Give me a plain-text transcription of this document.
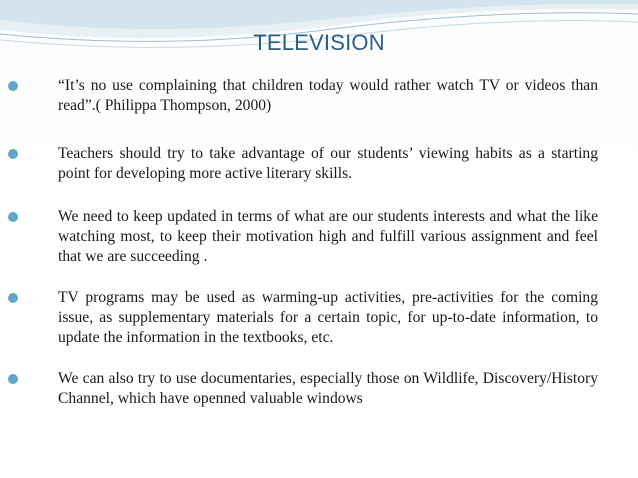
TELEVISION
“It’s no use complaining that children today would rather watch TV or videos than read”.( Philippa Thompson, 2000)
Teachers should try to take advantage of our students’ viewing habits as a starting point for developing more active literary skills.
We need to keep updated in terms of what are our students interests and what the like watching most, to keep their motivation high and fulfill various assignment and feel that we are succeeding .
TV programs may be used as warming-up activities, pre-activities for the coming issue, as supplementary materials for a certain topic, for up-to-date information, to update the information in the textbooks, etc.
We can also try to use documentaries, especially those on Wildlife, Discovery/History Channel, which have openned valuable windows
